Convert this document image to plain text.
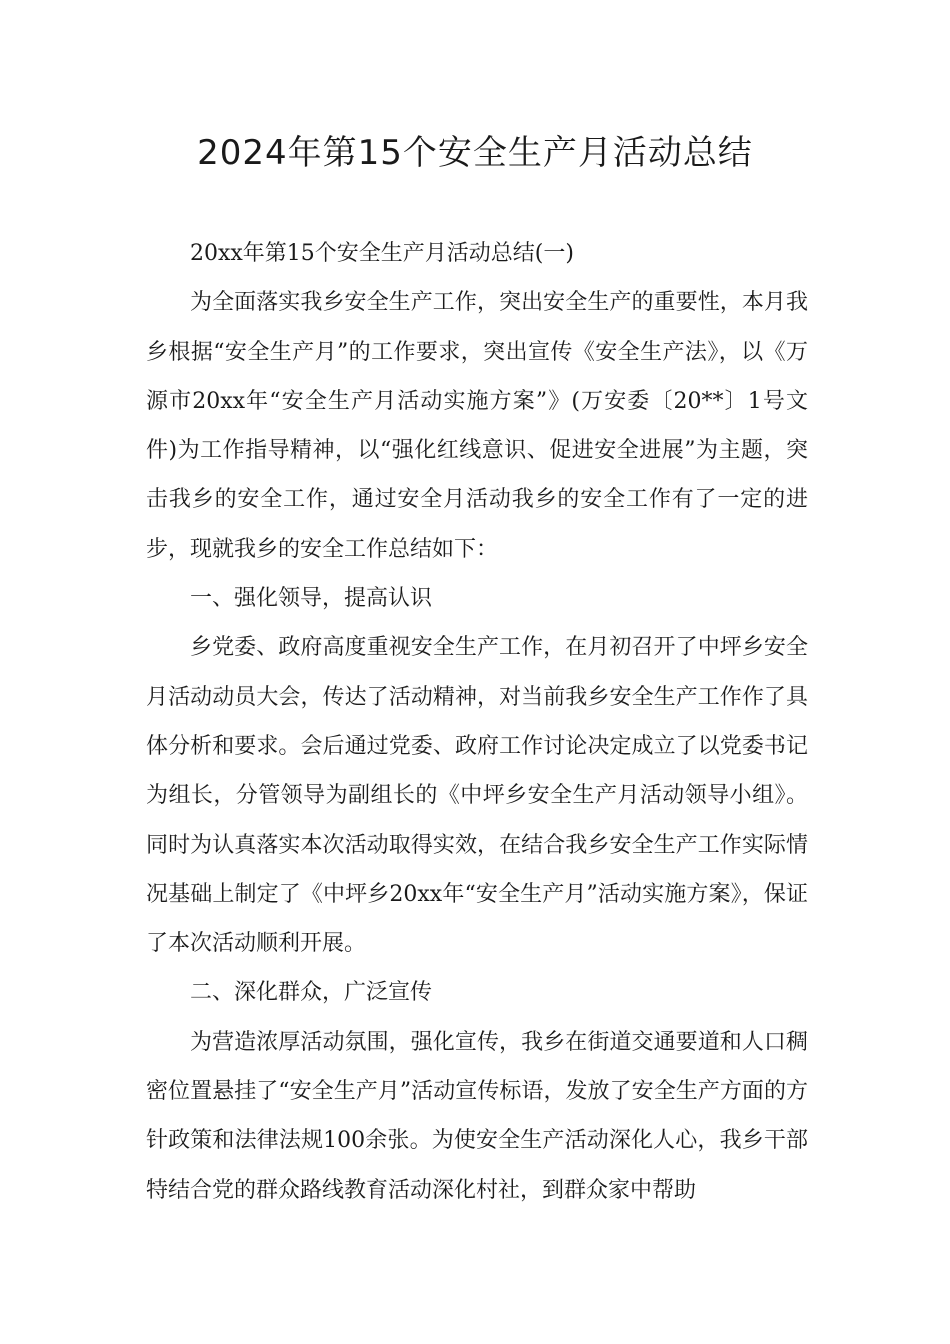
2024年第15个安全生产月活动总结

20xx年第15个安全生产月活动总结(一)

为全面落实我乡安全生产工作，突出安全生产的重要性，本月我乡根据“安全生产月”的工作要求，突出宣传《安全生产法》，以《万源市20xx年“安全生产月活动实施方案”》(万安委〔20**〕1号文件)为工作指导精神，以“强化红线意识、促进安全进展”为主题，突击我乡的安全工作，通过安全月活动我乡的安全工作有了一定的进步，现就我乡的安全工作总结如下：

一、强化领导，提高认识

乡党委、政府高度重视安全生产工作，在月初召开了中坪乡安全月活动动员大会，传达了活动精神，对当前我乡安全生产工作作了具体分析和要求。会后通过党委、政府工作讨论决定成立了以党委书记为组长，分管领导为副组长的《中坪乡安全生产月活动领导小组》。同时为认真落实本次活动取得实效，在结合我乡安全生产工作实际情况基础上制定了《中坪乡20xx年“安全生产月”活动实施方案》，保证了本次活动顺利开展。

二、深化群众，广泛宣传

为营造浓厚活动氛围，强化宣传，我乡在街道交通要道和人口稠密位置悬挂了“安全生产月”活动宣传标语，发放了安全生产方面的方针政策和法律法规100余张。为使安全生产活动深化人心，我乡干部特结合党的群众路线教育活动深化村社，到群众家中帮助
